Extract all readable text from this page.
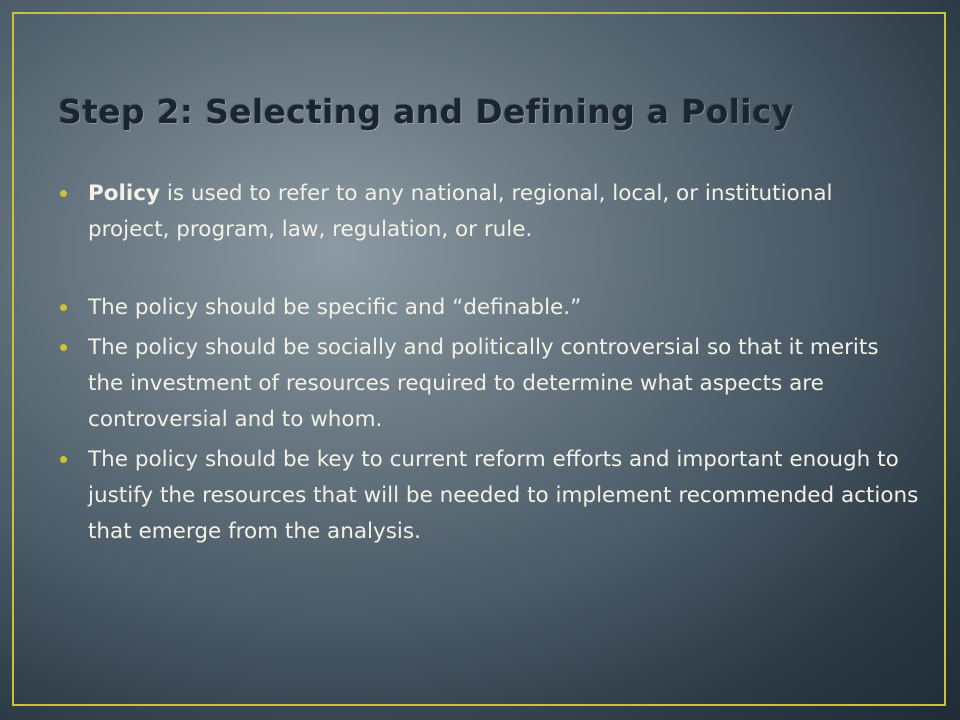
Step 2: Selecting and Defining a Policy
Policy is used to refer to any national, regional, local, or institutional project, program, law, regulation, or rule.
The policy should be specific and “definable.”
The policy should be socially and politically controversial so that it merits the investment of resources required to determine what aspects are controversial and to whom.
The policy should be key to current reform efforts and important enough to justify the resources that will be needed to implement recommended actions that emerge from the analysis.
